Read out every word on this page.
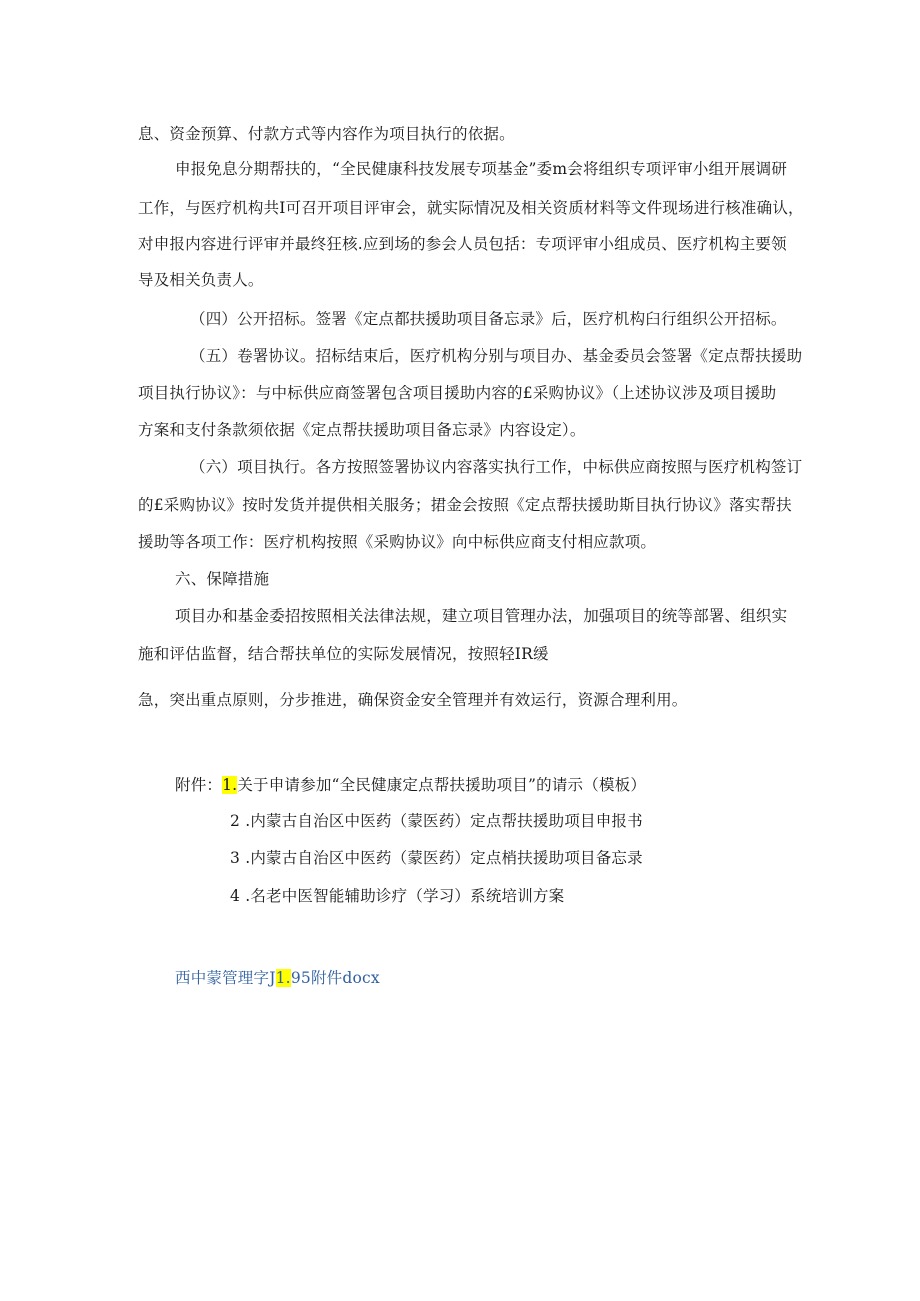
息、资金预算、付款方式等内容作为项目执行的依据。
申报免息分期帮扶的，“全民健康科技发展专项基金”委m会将组织专项评审小组开展调研
工作，与医疗机构共I可召开项目评审会，就实际情况及相关资质材料等文件现场进行核准确认，
对申报内容进行评审并最终狂核.应到场的参会人员包括：专项评审小组成员、医疗机构主要领
导及相关负责人。
（四）公开招标。签署《定点都扶援助项目备忘录》后，医疗机构臼行组织公开招标。
（五）卷署协议。招标结束后，医疗机构分别与项目办、基金委员会签署《定点帮扶援助
项目执行协议》：与中标供应商签署包含项目援助内容的£采购协议》（上述协议涉及项目援助
方案和支付条款须依据《定点帮扶援助项目备忘录》内容设定）。
（六）项目执行。各方按照签署协议内容落实执行工作，中标供应商按照与医疗机构签订
的£采购协议》按时发货并提供相关服务；捃金会按照《定点帮扶援助斯目执行协议》落实帮扶
援助等各项工作：医疗机构按照《采购协议》向中标供应商支付相应款项。
六、保障措施
项目办和基金委招按照相关法律法规，建立项目管理办法，加强项目的统等部署、组织实
施和评估监督，结合帮扶单位的实际发展情况，按照轻IR缓
急，突出重点原则，分步推进，确保资金安全管理并有效运行，资源合理利用。
附件：1.关于申请参加“全民健康定点帮扶援助项目”的请示（模板）
2 .内蒙古自治区中医药（蒙医药）定点帮扶援助项目申报书
3 .内蒙古自治区中医药（蒙医药）定点梢扶援助项目备忘录
4 .名老中医智能辅助诊疗（学习）系统培训方案
西中蒙管理字J1.95附件docx
